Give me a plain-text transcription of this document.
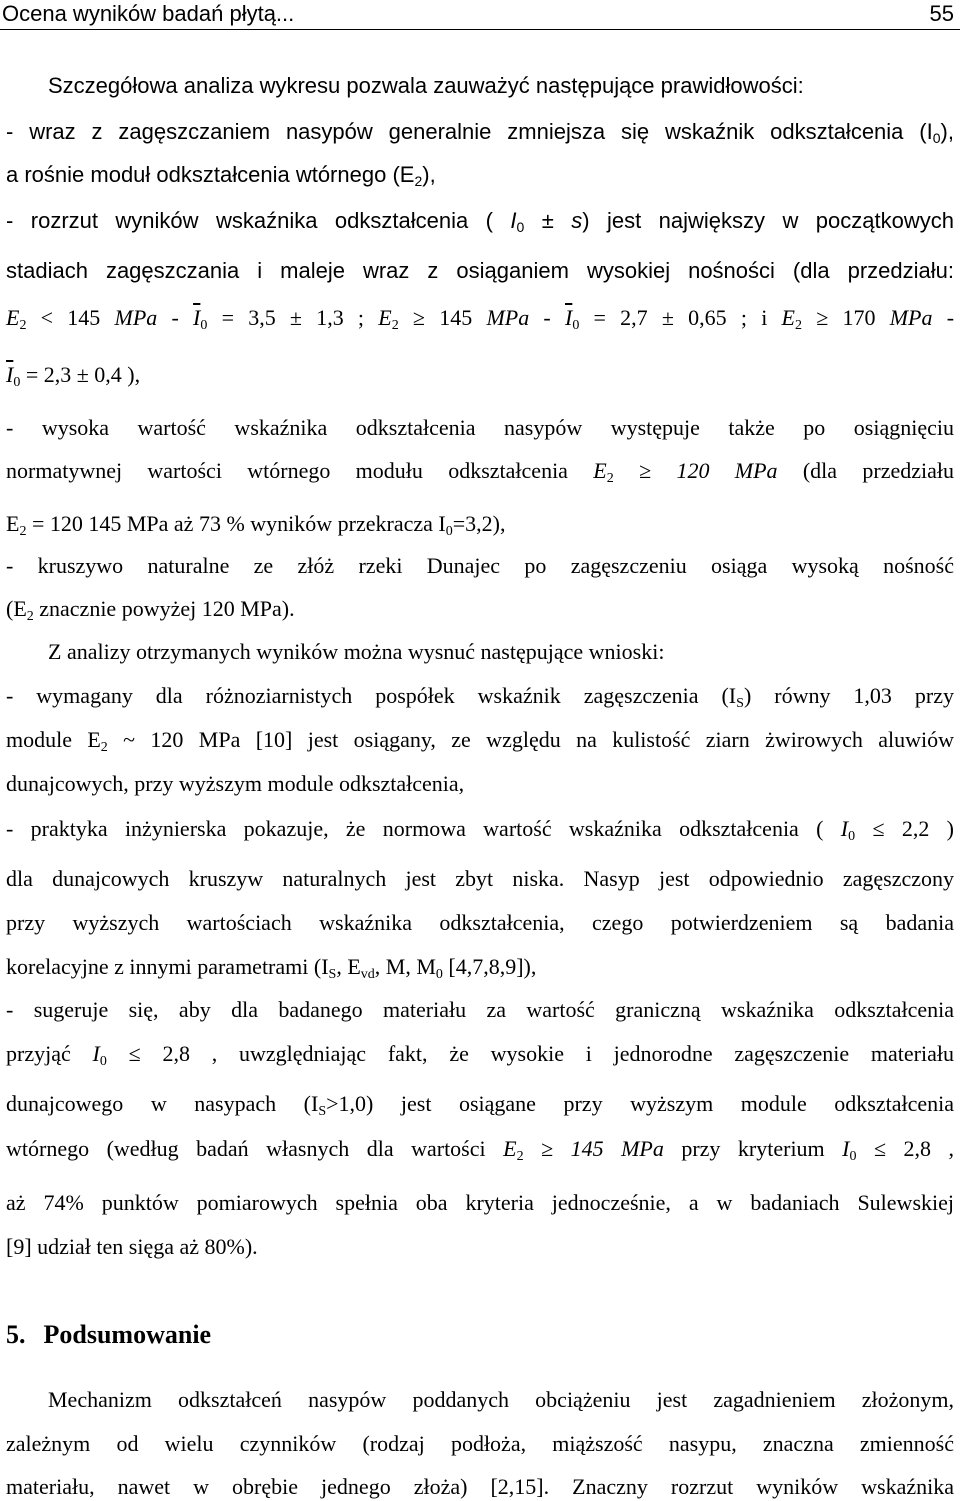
Ocena wyników badań płytą...	55
Szczegółowa analiza wykresu pozwala zauważyć następujące prawidłowości:
- wraz z zagęszczaniem nasypów generalnie zmniejsza się wskaźnik odkształcenia $(I_0)$,
a rośnie moduł odkształcenia wtórnego $(E_2)$,
- rozrzut wyników wskaźnika odkształcenia ( $I_0 \pm s$) jest największy w początkowych
stadiach zagęszczania i maleje wraz z osiąganiem wysokiej nośności (dla przedziału:
$E_2 < 145$ MPa - $\overline{I}_0 = 3,5 \pm 1,3$ ; $E_2 \ge 145$ MPa - $\overline{I}_0 = 2,7 \pm 0,65$ ; i $E_2 \ge 170$ MPa -
$\overline{I}_0 = 2,3 \pm 0,4$ ),
- wysoka wartość wskaźnika odkształcenia nasypów występuje także po osiągnięciu
normatywnej wartości wtórnego modułu odkształcenia $E_2 \ge 120$ MPa (dla przedziału
$E_2 = 120$ 145 MPa aż 73 % wyników przekracza $I_0=3,2$),
- kruszywo naturalne ze złóż rzeki Dunajec po zagęszczeniu osiąga wysoką nośność
($E_2$ znacznie powyżej 120 MPa).
Z analizy otrzymanych wyników można wysnuć następujące wnioski:
- wymagany dla różnoziarnistych pospółek wskaźnik zagęszczenia $(I_S)$ równy 1,03 przy
module $E_2$ ~ 120 MPa [10] jest osiągany, ze względu na kulistość ziarn żwirowych aluwiów
dunajcowych, przy wyższym module odkształcenia,
- praktyka inżynierska pokazuje, że normowa wartość wskaźnika odkształcenia ( $I_0 \le 2,2$ )
dla dunajcowych kruszyw naturalnych jest zbyt niska. Nasyp jest odpowiednio zagęszczony
przy wyższych wartościach wskaźnika odkształcenia, czego potwierdzeniem są badania
korelacyjne z innymi parametrami ($I_S$, $E_{vd}$, M, $M_0$ [4,7,8,9]),
- sugeruje się, aby dla badanego materiału za wartość graniczną wskaźnika odkształcenia
przyjąć $I_0 \le 2,8$ , uwzględniając fakt, że wysokie i jednorodne zagęszczenie materiału
dunajcowego w nasypach $(I_S>1,0)$ jest osiągane przy wyższym module odkształcenia
wtórnego (według badań własnych dla wartości $E_2 \ge 145$ MPa przy kryterium $I_0 \le 2,8$ ,
aż 74% punktów pomiarowych spełnia oba kryteria jednocześnie, a w badaniach Sulewskiej
[9] udział ten sięga aż 80%).
5. Podsumowanie
Mechanizm odkształceń nasypów poddanych obciążeniu jest zagadnieniem złożonym,
zależnym od wielu czynników (rodzaj podłoża, miąższość nasypu, znaczna zmienność
materiału, nawet w obrębie jednego złoża) [2,15]. Znaczny rozrzut wyników wskaźnika
